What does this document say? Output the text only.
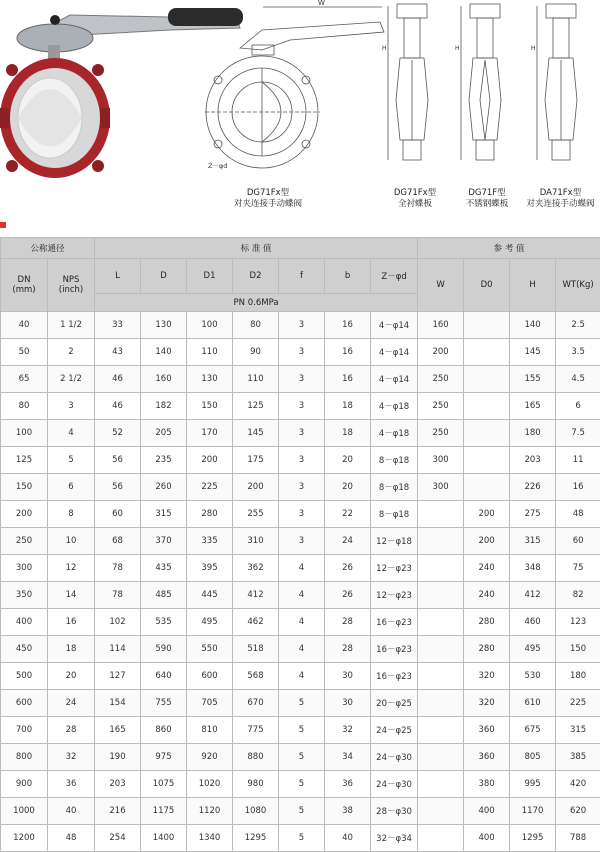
W
Z－φd
H	H	H
DG71Fx型
对夹连接手动蝶阀
DG71Fx型
全衬蝶板
DG71F型
不锈钢蝶板
DA71Fx型
对夹连接手动蝶阀
公称通径		标 准 值							参 考 值			
DN
(mm)	NPS
(inch)	L	D	D1	D2	f	b	Z－φd	W	D0	H	WT(Kg)
		PN 0.6MPa										
40	1 1/2	33	130	100	80	3	16	4－φ14	160		140	2.5
50	2	43	140	110	90	3	16	4－φ14	200		145	3.5
65	2 1/2	46	160	130	110	3	16	4－φ14	250		155	4.5
80	3	46	182	150	125	3	18	4－φ18	250		165	6
100	4	52	205	170	145	3	18	4－φ18	250		180	7.5
125	5	56	235	200	175	3	20	8－φ18	300		203	11
150	6	56	260	225	200	3	20	8－φ18	300		226	16
200	8	60	315	280	255	3	22	8－φ18		200	275	48
250	10	68	370	335	310	3	24	12－φ18		200	315	60
300	12	78	435	395	362	4	26	12－φ23		240	348	75
350	14	78	485	445	412	4	26	12－φ23		240	412	82
400	16	102	535	495	462	4	28	16－φ23		280	460	123
450	18	114	590	550	518	4	28	16－φ23		280	495	150
500	20	127	640	600	568	4	30	16－φ23		320	530	180
600	24	154	755	705	670	5	30	20－φ25		320	610	225
700	28	165	860	810	775	5	32	24－φ25		360	675	315
800	32	190	975	920	880	5	34	24－φ30		360	805	385
900	36	203	1075	1020	980	5	36	24－φ30		380	995	420
1000	40	216	1175	1120	1080	5	38	28－φ30		400	1170	620
1200	48	254	1400	1340	1295	5	40	32－φ34		400	1295	788
